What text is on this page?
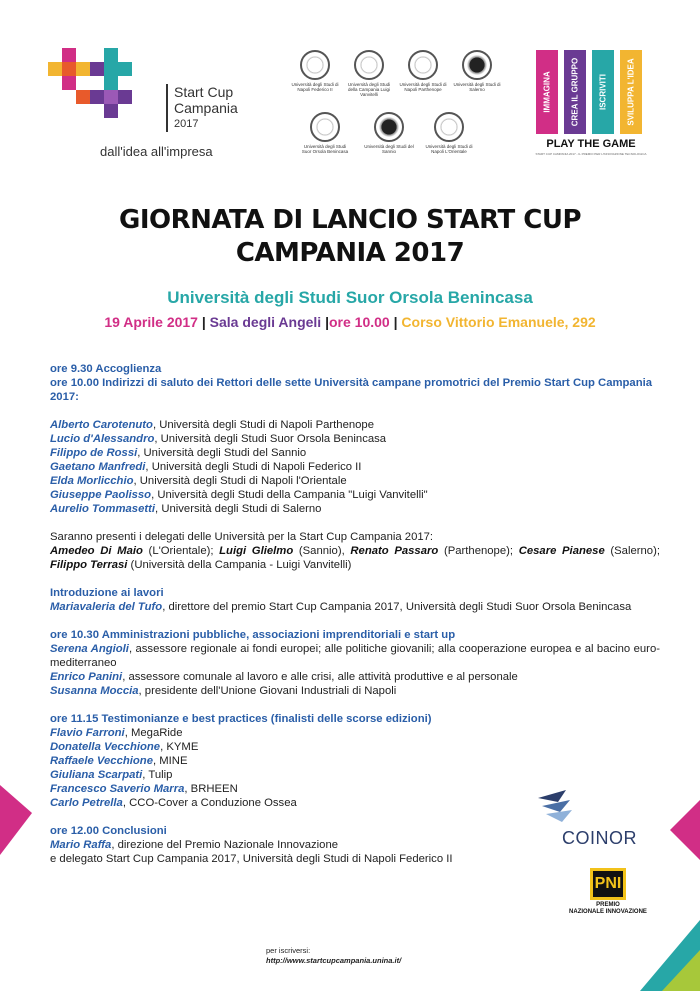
Start Cup
Campania
2017
dall'idea all'impresa
Università degli Studi di Napoli Federico II
Università degli Studi della Campania Luigi Vanvitelli
Università degli Studi di Napoli Parthenope
Università degli Studi di Salerno
Università degli Studi Suor Orsola Benincasa
Università degli Studi del Sannio
Università degli Studi di Napoli L'Orientale
IMMAGINA CREA IL GRUPPO ISCRIVITI SVILUPPA L'IDEA
PLAY THE GAME
START CUP CAMPANIA 2017 - IL PREMIO PER L'INNOVAZIONE TECNOLOGICA
GIORNATA DI LANCIO START CUP
CAMPANIA 2017
Università degli Studi Suor Orsola Benincasa
19 Aprile 2017 | Sala degli Angeli |ore 10.00 | Corso Vittorio Emanuele, 292
ore 9.30 Accoglienza
ore 10.00 Indirizzi di saluto dei Rettori delle sette Università campane promotrici del Premio Start Cup Campania 2017:
Alberto Carotenuto, Università degli Studi di Napoli Parthenope
Lucio d'Alessandro, Università degli Studi Suor Orsola Benincasa
Filippo de Rossi, Università degli Studi del Sannio
Gaetano Manfredi, Università degli Studi di Napoli Federico II
Elda Morlicchio, Università degli Studi di Napoli l'Orientale
Giuseppe Paolisso, Università degli Studi della Campania "Luigi Vanvitelli"
Aurelio Tommasetti, Università degli Studi di Salerno
Saranno presenti i delegati delle Università per la Start Cup Campania 2017:
Amedeo Di Maio (L'Orientale); Luigi Glielmo (Sannio), Renato Passaro (Parthenope); Cesare Pianese (Salerno); Filippo Terrasi (Università della Campania - Luigi Vanvitelli)
Introduzione ai lavori
Mariavaleria del Tufo, direttore del premio Start Cup Campania 2017, Università degli Studi Suor Orsola Benincasa
ore 10.30 Amministrazioni pubbliche, associazioni imprenditoriali e start up
Serena Angioli, assessore regionale ai fondi europei; alle politiche giovanili; alla cooperazione europea e al bacino euro-mediterraneo
Enrico Panini, assessore comunale al lavoro e alle crisi, alle attività produttive e al personale
Susanna Moccia, presidente dell'Unione Giovani Industriali di Napoli
ore 11.15 Testimonianze e best practices (finalisti delle scorse edizioni)
Flavio Farroni, MegaRide
Donatella Vecchione, KYME
Raffaele Vecchione, MINE
Giuliana Scarpati, Tulip
Francesco Saverio Marra, BRHEEN
Carlo Petrella, CCO-Cover a Conduzione Ossea
ore 12.00 Conclusioni
Mario Raffa, direzione del Premio Nazionale Innovazione
e delegato Start Cup Campania 2017, Università degli Studi di Napoli Federico II
COINOR
PNI
PREMIO
NAZIONALE INNOVAZIONE
per iscriversi:
http://www.startcupcampania.unina.it/
